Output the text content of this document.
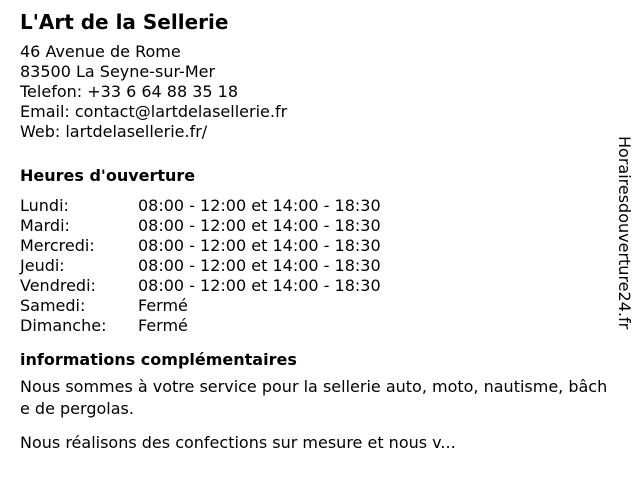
L'Art de la Sellerie
46 Avenue de Rome
83500 La Seyne-sur-Mer
Telefon: +33 6 64 88 35 18
Email: contact@lartdelasellerie.fr
Web: lartdelasellerie.fr/
Heures d'ouverture
Lundi:	08:00 - 12:00 et 14:00 - 18:30
Mardi:	08:00 - 12:00 et 14:00 - 18:30
Mercredi:	08:00 - 12:00 et 14:00 - 18:30
Jeudi:	08:00 - 12:00 et 14:00 - 18:30
Vendredi:	08:00 - 12:00 et 14:00 - 18:30
Samedi:	Fermé
Dimanche:	Fermé
informations complémentaires

Nous sommes à votre service pour la sellerie auto, moto, nautisme, bâche de pergolas.

Nous réalisons des confections sur mesure et nous v...

Horairesdouverture24.fr
